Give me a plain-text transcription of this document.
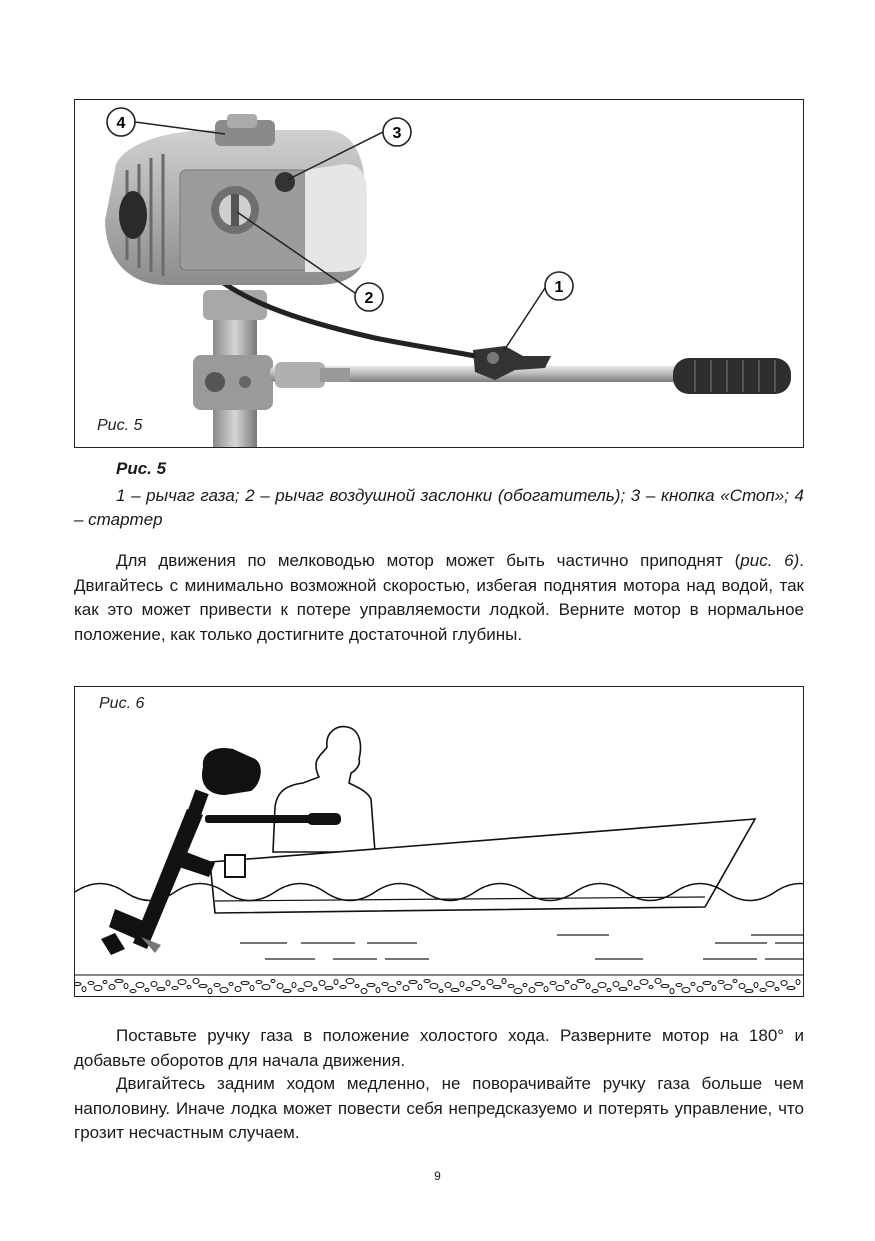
4
3
2
1
Рис. 5
Рис. 5

1 – рычаг газа; 2 – рычаг воздушной заслонки (обогатитель); 3 – кнопка «Стоп»; 4 – стартер

Для движения по мелководью мотор может быть частично приподнят (рис. 6). Двигайтесь с минимально возможной скоростью, избегая поднятия мотора над водой, так как это может привести к потере управляемости лодкой. Верните мотор в нормальное положение, как только достигните достаточной глубины.

Рис. 6

Поставьте ручку газа в положение холостого хода. Разверните мотор на 180° и добавьте оборотов для начала движения.

Двигайтесь задним ходом медленно, не поворачивайте ручку газа больше чем наполовину. Иначе лодка может повести себя непредсказуемо и потерять управление, что грозит несчастным случаем.

9
